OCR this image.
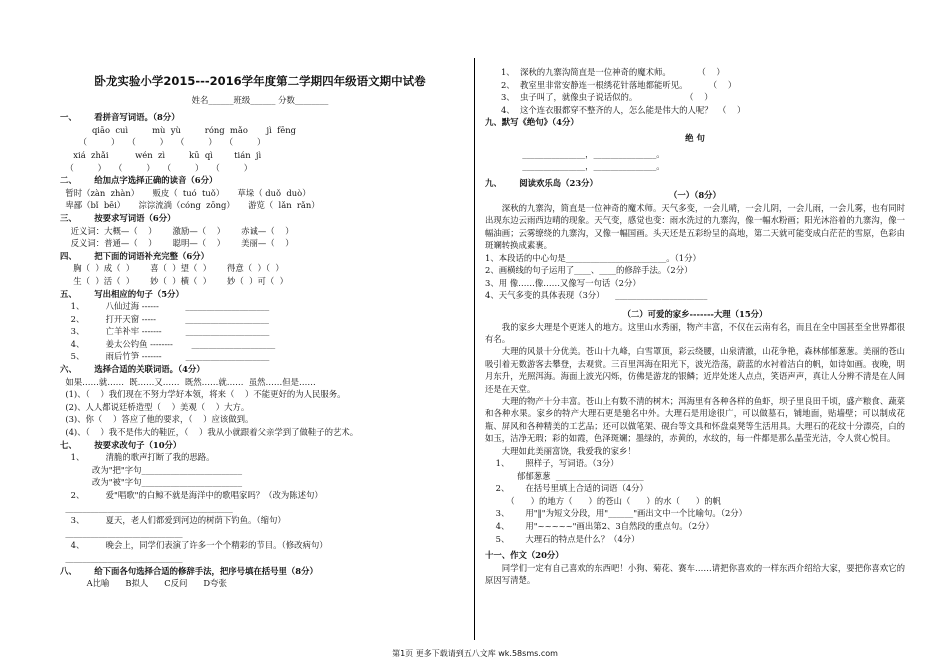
卧龙实验小学2015---2016学年度第二学期四年级语文期中试卷
姓名______班级______ 分数________
一、      看拼音写词语。（8分）
qiāo  cuì         mù  yù         róng  mǎo       jì  fēng
（         ）   （         ）   （         ）   （         ）
xiá  zhǎi          wén  zì         kū  qì        tián  jì
（         ）   （         ）   （         ）   （         ）
二、      给加点字选择正确的读音（6分）
暂时（zàn  zhàn）     贩皮（  tuó  tuǒ）     草垛（ duǒ  duò）
卑鄙（bǐ  bēi）     淙淙流淌（cóng  zōng）     游览（  lǎn  rǎn）
三、      按要求写词语（6分）
近义词：大概—（    ）      激励—（    ）      赤诚—（    ）
反义词：普通—（    ）      聪明—（    ）      美丽—（    ）
四、      把下面的词语补充完整（6分）
胸（  ）成（  ）      喜（  ）望（  ）      得意（  ）（  ）
生（  ）活（  ）      妙（  ）横（  ）      妙（  ）可（  ）
五、      写出相应的句子（5分）
1、        八仙过海 ------          ____________________
2、        打开天窗 -----           ____________________
3、        亡羊补牢 -------         ____________________
4、        姜太公钓鱼 --------       ____________________
5、        雨后竹笋 -------         ____________________
六、      选择合适的关联词语。（4分）
如果……就……  既……又……  既然……就……  虽然……但是……
(1)、（    ）我们现在不努力学好本领，将来（    ）不能更好的为人民服务。
(2)、人人都说廷桥造型（    ）美观（    ）大方。
(3)、你（    ）答应了他的要求，（    ）应该做到。
(4)、（    ）我不是伟大的鞋匠，（    ）我从小就跟着父亲学到了做鞋子的艺术。
七、      按要求改句子（10分）
1、        清脆的歌声打断了我的思路。
改为"把"字句________________________
改为"被"字句________________________
2、        爱"唱歌"的白鲸不就是海洋中的歌唱家吗？（改为陈述句）
________________________________________
3、        夏天，老人们都爱到河边的树荫下钓鱼。（缩句）
____________________________
4、        晚会上，同学们表演了许多一个个精彩的节目。（修改病句）
____________________________
八、      给下面各句选择合适的修辞手法，把序号填在括号里（8分）
A比喻      B拟人      C反问      D夸张
1、  深秋的九寨沟简直是一位神奇的魔术师。          （    ）
2、  教室里非常安静连一根绣花针落地都能听见。        （    ）
3、  虫子叫了，就像虫子说话似的。                  （    ）
4、  这个连衣服都穿不整齐的人，怎么能是伟大的人呢？  （    ）
九、默写《绝句》（4分）
绝 句
_______________，_______________。
_______________，_______________。
九、      阅读欢乐岛（23分）
（一）（8分）
深秋的九寨沟，简直是一位神奇的魔术师。天气多变，一会儿晴，一会儿阴，一会儿雨，一会儿雾，也有同时出现东边云雨西边晴的现象。天气变，感觉也变：雨水洗过的九寨沟，像一幅水粉画；阳光沐浴着的九寨沟，像一幅油画；云雾缭绕的九寨沟，又像一幅国画。头天还是五彩纷呈的高地，第二天就可能变成白茫茫的雪原，色彩由斑斓转换成素裹。
1、本段话的中心句是________________________。（1分）
2、画横线的句子运用了____、____的修辞手法。（2分）
3、用 像……像……又像写一句话（2分）
4、天气多变的具体表现（3分）    ______________________
（二）可爱的家乡-------大理（15分）
我的家乡大理是个更迷人的地方。这里山水秀丽，物产丰富，不仅在云南有名，而且在全中国甚至全世界都很有名。
大理的风景十分优美。苍山十九峰，白雪罩顶，彩云绕腰，山泉清澈，山花争艳，森林郁郁葱葱。美丽的苍山吸引着无数游客去攀登，去观赏。三百里洱海在阳光下，波光浩荡，蔚蓝的水衬着洁白的帆，如诗如画。夜晚，明月东升，光照洱海。海面上波光闪烁，仿佛是游龙的银鳞；近岸处迷人点点，笑语声声，真让人分辨不清是在人间还是在天堂。
大理的物产十分丰富。苍山上有数不清的树木；洱海里有各种各样的鱼虾，坝子里良田千顷，盛产粮食、蔬菜和各种水果。家乡的特产大理石更是驰名中外。大理石是用途很广，可以做墓石，铺地面，贴墙壁；可以制成花瓶、屏风和各种精美的工艺品；还可以做笔架、砚台等文具和怀盘桌凳等生活用具。大理石的花纹十分漂亮，白的如玉，洁净无瑕；彩的如霞，色泽斑斓；墨绿的，赤黄的，水纹的，每一件都是那么晶莹光洁，令人赏心悦目。
大理如此美丽富饶，我爱我的家乡！
1、      照样子，写词语。（3分）
郁郁葱葱  _____________________
2、      在括号里填上合适的词语（4分）
（      ）的地方（      ）的苍山（      ）的水（      ）的帆
3、      用"‖"为短文分段，用"______"画出文中一个比喻句。（2分）
4、      用"~~~~~"画出第2、3自然段的重点句。（2分）
5、      大理石的特点是什么？（4分）
十一、作文（20分）
同学们一定有自己喜欢的东西吧！小狗、菊花、赛车……请把你喜欢的一样东西介绍给大家，要把你喜欢它的原因写清楚。
第1页 更多下载请到五八文库 wk.58sms.com
